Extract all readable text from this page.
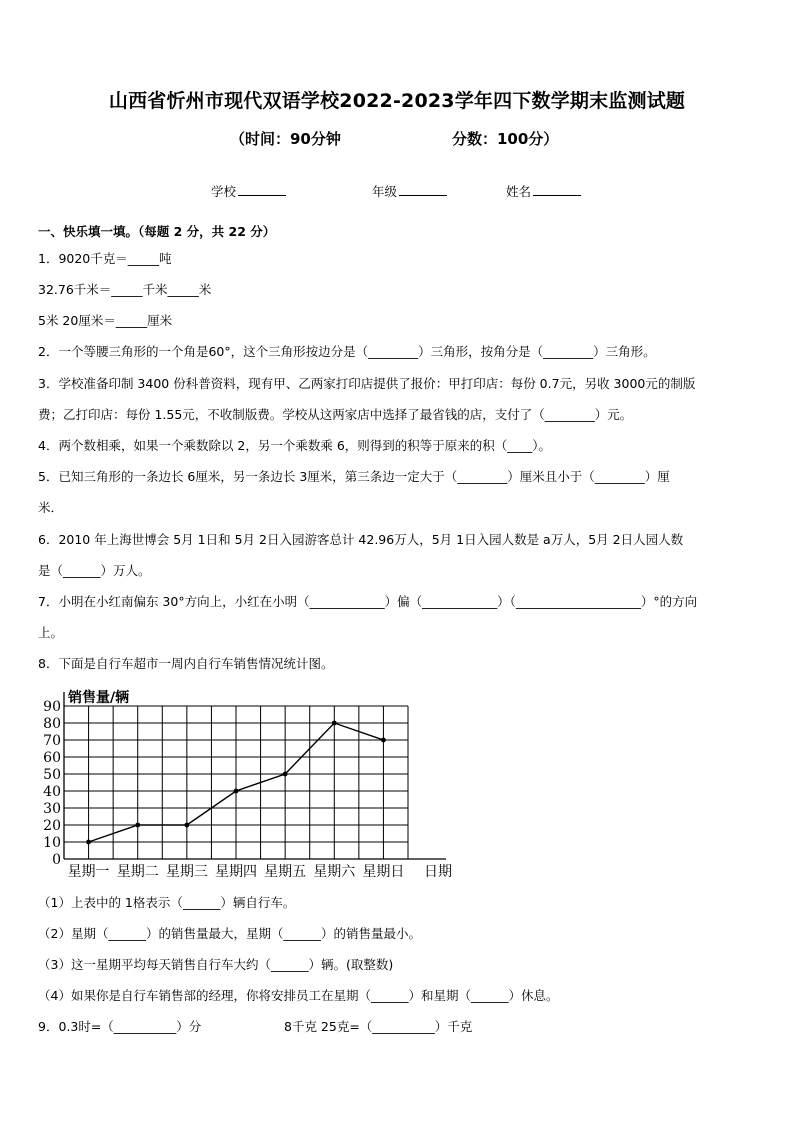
山西省忻州市现代双语学校2022-2023学年四下数学期末监测试题
（时间：90分钟	分数：100分）
学校	年级	姓名
一、快乐填一填。（每题 2 分，共 22 分）
1．9020千克＝_____吨
32.76千米＝_____千米_____米
5米 20厘米＝_____厘米
2．一个等腰三角形的一个角是60°，这个三角形按边分是（________）三角形，按角分是（________）三角形。
3．学校准备印制 3400 份科普资料，现有甲、乙两家打印店提供了报价：甲打印店：每份 0.7元，另收 3000元的制版
费；乙打印店：每份 1.55元，不收制版费。学校从这两家店中选择了最省钱的店，支付了（________）元。
4．两个数相乘，如果一个乘数除以 2，另一个乘数乘 6，则得到的积等于原来的积（____）。
5．已知三角形的一条边长 6厘米，另一条边长 3厘米，第三条边一定大于（________）厘米且小于（________）厘
米．
6．2010 年上海世博会 5月 1日和 5月 2日入园游客总计 42.96万人，5月 1日入园人数是 a万人，5月 2日人园人数
是（______）万人。
7．小明在小红南偏东 30°方向上，小红在小明（____________）偏（____________）（____________________）°的方向
上。
8．下面是自行车超市一周内自行车销售情况统计图。
0
10
20
30
40
50
60
70
80
90
销售量/辆
星期一 星期二 星期三 星期四 星期五 星期六 星期日 日期
（1）上表中的 1格表示（______）辆自行车。
（2）星期（______）的销售量最大，星期（______）的销售量最小。
（3）这一星期平均每天销售自行车大约（______）辆。(取整数)
（4）如果你是自行车销售部的经理，你将安排员工在星期（______）和星期（______）休息。
9．0.3时=（__________）分	8千克 25克=（__________）千克
